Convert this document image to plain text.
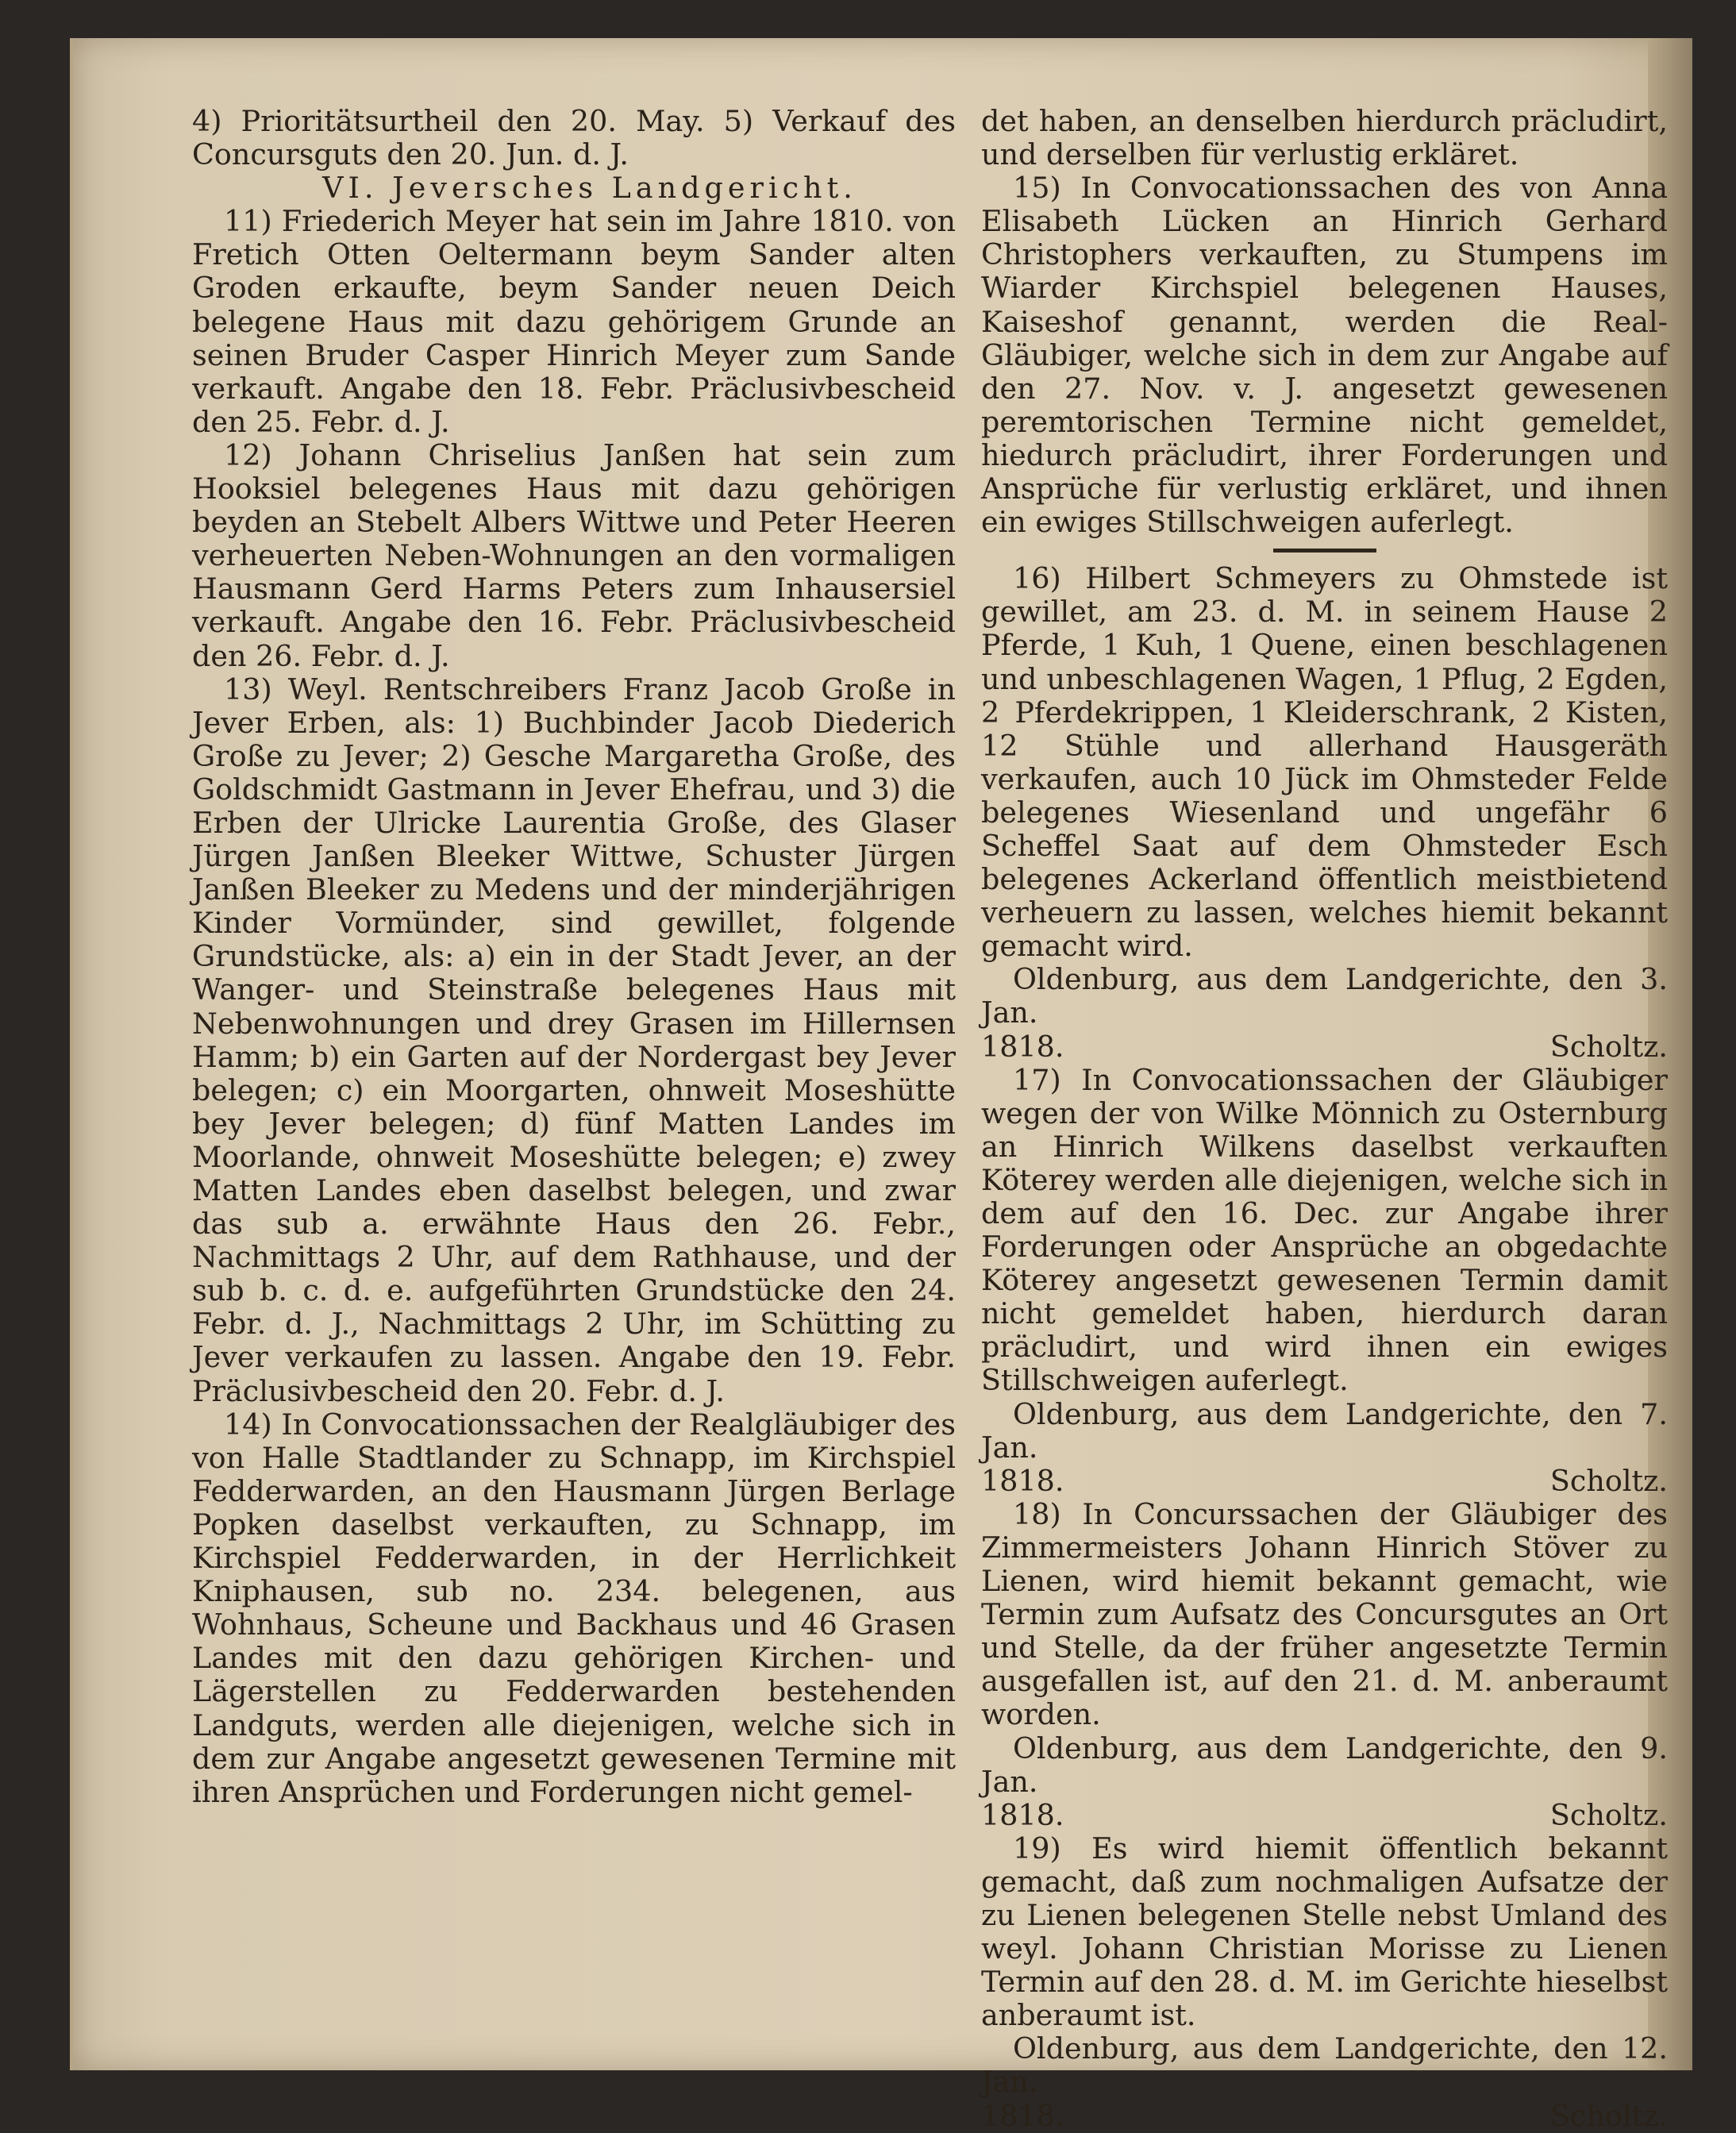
4) Prioritätsurtheil den 20. May. 5) Verkauf des Concursguts den 20. Jun. d. J.

VI. Jeversches Landgericht.

11) Friederich Meyer hat sein im Jahre 1810. von Fretich Otten Oeltermann beym Sander alten Groden erkaufte, beym Sander neuen Deich belegene Haus mit dazu gehörigem Grunde an seinen Bruder Casper Hinrich Meyer zum Sande verkauft. Angabe den 18. Febr. Präclusivbescheid den 25. Febr. d. J.

12) Johann Chriselius Janßen hat sein zum Hooksiel belegenes Haus mit dazu gehörigen beyden an Stebelt Albers Wittwe und Peter Heeren verheuerten Neben-Wohnungen an den vormaligen Hausmann Gerd Harms Peters zum Inhausersiel verkauft. Angabe den 16. Febr. Präclusivbescheid den 26. Febr. d. J.

13) Weyl. Rentschreibers Franz Jacob Große in Jever Erben, als: 1) Buchbinder Jacob Diederich Große zu Jever; 2) Gesche Margaretha Große, des Goldschmidt Gastmann in Jever Ehefrau, und 3) die Erben der Ulricke Laurentia Große, des Glaser Jürgen Janßen Bleeker Wittwe, Schuster Jürgen Janßen Bleeker zu Medens und der minderjährigen Kinder Vormünder, sind gewillet, folgende Grundstücke, als: a) ein in der Stadt Jever, an der Wanger- und Steinstraße belegenes Haus mit Nebenwohnungen und drey Grasen im Hillernsen Hamm; b) ein Garten auf der Nordergast bey Jever belegen; c) ein Moorgarten, ohnweit Moseshütte bey Jever belegen; d) fünf Matten Landes im Moorlande, ohnweit Moseshütte belegen; e) zwey Matten Landes eben daselbst belegen, und zwar das sub a. erwähnte Haus den 26. Febr., Nachmittags 2 Uhr, auf dem Rathhause, und der sub b. c. d. e. aufgeführten Grundstücke den 24. Febr. d. J., Nachmittags 2 Uhr, im Schütting zu Jever verkaufen zu lassen. Angabe den 19. Febr. Präclusivbescheid den 20. Febr. d. J.

14) In Convocationssachen der Realgläubiger des von Halle Stadtlander zu Schnapp, im Kirchspiel Fedderwarden, an den Hausmann Jürgen Berlage Popken daselbst verkauften, zu Schnapp, im Kirchspiel Fedderwarden, in der Herrlichkeit Kniphausen, sub no. 234. belegenen, aus Wohnhaus, Scheune und Backhaus und 46 Grasen Landes mit den dazu gehörigen Kirchen- und Lägerstellen zu Fedderwarden bestehenden Landguts, werden alle diejenigen, welche sich in dem zur Angabe angesetzt gewesenen Termine mit ihren Ansprüchen und Forderungen nicht gemel-

det haben, an denselben hierdurch präcludirt, und derselben für verlustig erkläret.

15) In Convocationssachen des von Anna Elisabeth Lücken an Hinrich Gerhard Christophers verkauften, zu Stumpens im Wiarder Kirchspiel belegenen Hauses, Kaiseshof genannt, werden die Real-Gläubiger, welche sich in dem zur Angabe auf den 27. Nov. v. J. angesetzt gewesenen peremtorischen Termine nicht gemeldet, hiedurch präcludirt, ihrer Forderungen und Ansprüche für verlustig erkläret, und ihnen ein ewiges Stillschweigen auferlegt.

16) Hilbert Schmeyers zu Ohmstede ist gewillet, am 23. d. M. in seinem Hause 2 Pferde, 1 Kuh, 1 Quene, einen beschlagenen und unbeschlagenen Wagen, 1 Pflug, 2 Egden, 2 Pferdekrippen, 1 Kleiderschrank, 2 Kisten, 12 Stühle und allerhand Hausgeräth verkaufen, auch 10 Jück im Ohmsteder Felde belegenes Wiesenland und ungefähr 6 Scheffel Saat auf dem Ohmsteder Esch belegenes Ackerland öffentlich meistbietend verheuern zu lassen, welches hiemit bekannt gemacht wird.

Oldenburg, aus dem Landgerichte, den 3. Jan.

1818.	Scholtz.

17) In Convocationssachen der Gläubiger wegen der von Wilke Mönnich zu Osternburg an Hinrich Wilkens daselbst verkauften Köterey werden alle diejenigen, welche sich in dem auf den 16. Dec. zur Angabe ihrer Forderungen oder Ansprüche an obgedachte Köterey angesetzt gewesenen Termin damit nicht gemeldet haben, hierdurch daran präcludirt, und wird ihnen ein ewiges Stillschweigen auferlegt.

Oldenburg, aus dem Landgerichte, den 7. Jan.

1818.	Scholtz.

18) In Concurssachen der Gläubiger des Zimmermeisters Johann Hinrich Stöver zu Lienen, wird hiemit bekannt gemacht, wie Termin zum Aufsatz des Concursgutes an Ort und Stelle, da der früher angesetzte Termin ausgefallen ist, auf den 21. d. M. anberaumt worden.

Oldenburg, aus dem Landgerichte, den 9. Jan.

1818.	Scholtz.

19) Es wird hiemit öffentlich bekannt gemacht, daß zum nochmaligen Aufsatze der zu Lienen belegenen Stelle nebst Umland des weyl. Johann Christian Morisse zu Lienen Termin auf den 28. d. M. im Gerichte hieselbst anberaumt ist.

Oldenburg, aus dem Landgerichte, den 12. Jan.

1818.	Scholtz.
